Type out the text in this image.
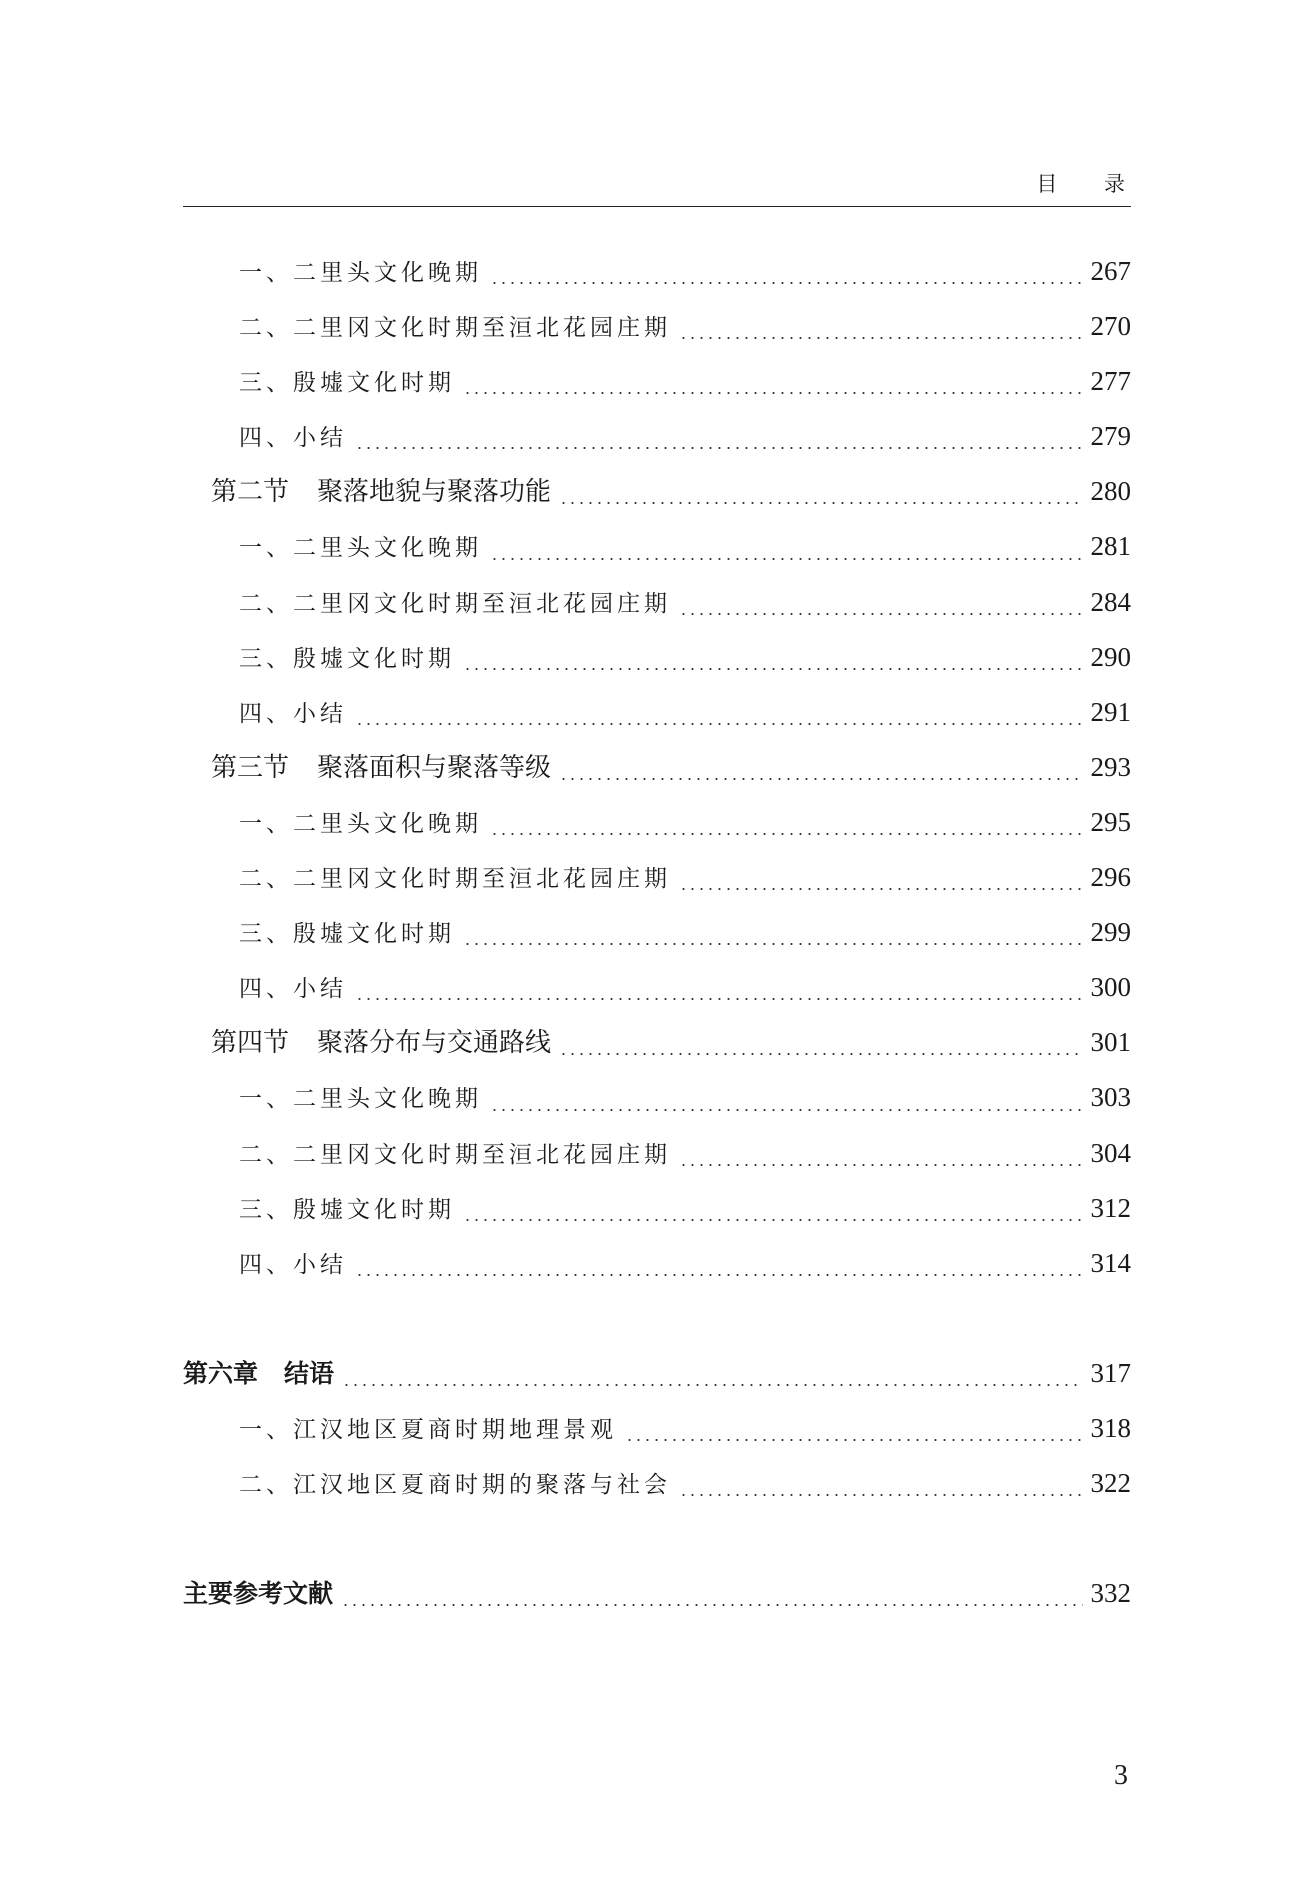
目 录
一、二里头文化晚期	267
二、二里冈文化时期至洹北花园庄期	270
三、殷墟文化时期	277
四、小结	279
第二节 聚落地貌与聚落功能	280
一、二里头文化晚期	281
二、二里冈文化时期至洹北花园庄期	284
三、殷墟文化时期	290
四、小结	291
第三节 聚落面积与聚落等级	293
一、二里头文化晚期	295
二、二里冈文化时期至洹北花园庄期	296
三、殷墟文化时期	299
四、小结	300
第四节 聚落分布与交通路线	301
一、二里头文化晚期	303
二、二里冈文化时期至洹北花园庄期	304
三、殷墟文化时期	312
四、小结	314
第六章 结语	317
一、江汉地区夏商时期地理景观	318
二、江汉地区夏商时期的聚落与社会	322
主要参考文献	332
3
